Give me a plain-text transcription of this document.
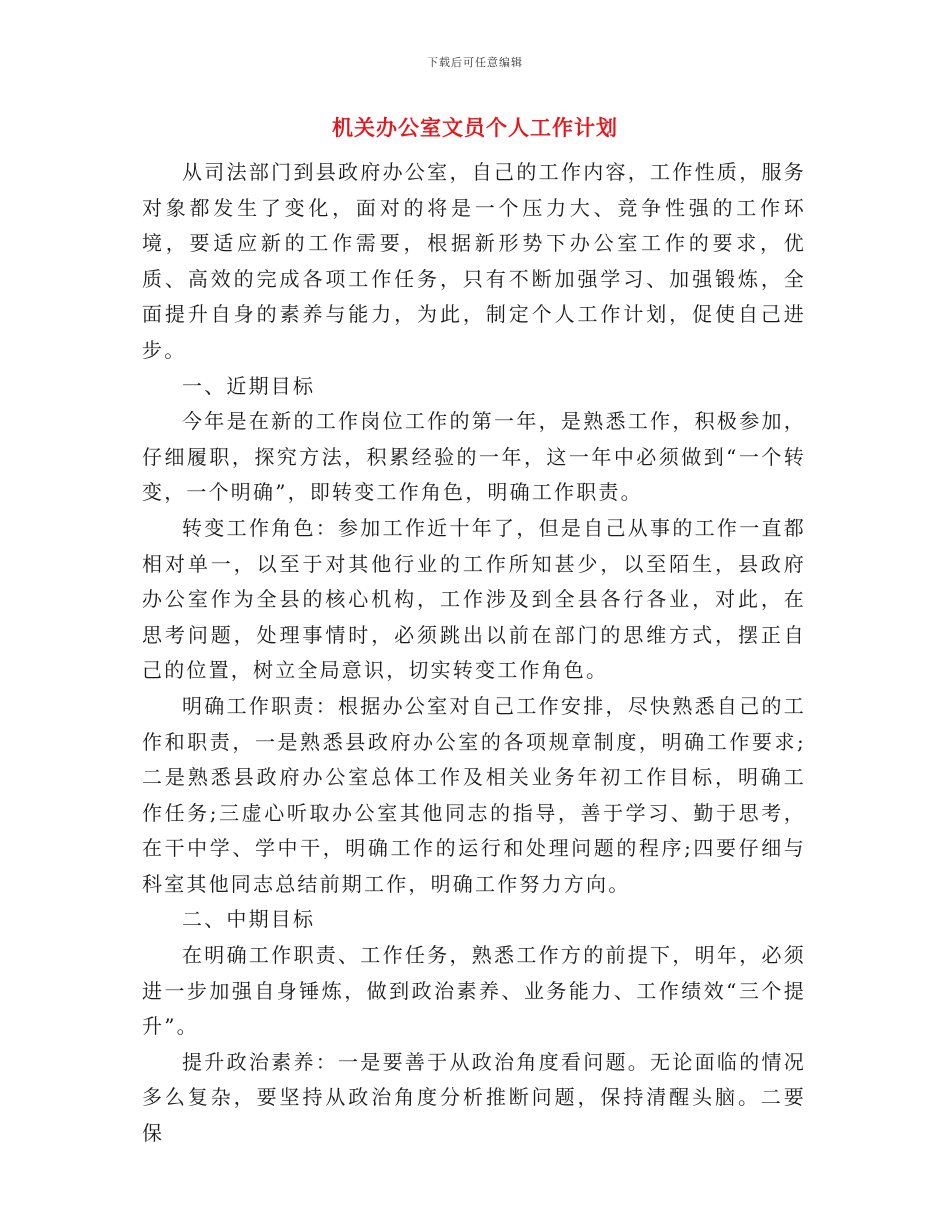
下载后可任意编辑
机关办公室文员个人工作计划

从司法部门到县政府办公室，自己的工作内容，工作性质，服务对象都发生了变化，面对的将是一个压力大、竞争性强的工作环境，要适应新的工作需要，根据新形势下办公室工作的要求，优质、高效的完成各项工作任务，只有不断加强学习、加强锻炼，全面提升自身的素养与能力，为此，制定个人工作计划，促使自己进步。

一、近期目标

今年是在新的工作岗位工作的第一年，是熟悉工作，积极参加，仔细履职，探究方法，积累经验的一年，这一年中必须做到“一个转变，一个明确”，即转变工作角色，明确工作职责。

转变工作角色：参加工作近十年了，但是自己从事的工作一直都相对单一，以至于对其他行业的工作所知甚少，以至陌生，县政府办公室作为全县的核心机构，工作涉及到全县各行各业，对此，在思考问题，处理事情时，必须跳出以前在部门的思维方式，摆正自己的位置，树立全局意识，切实转变工作角色。

明确工作职责：根据办公室对自己工作安排，尽快熟悉自己的工作和职责，一是熟悉县政府办公室的各项规章制度，明确工作要求;二是熟悉县政府办公室总体工作及相关业务年初工作目标，明确工作任务;三虚心听取办公室其他同志的指导，善于学习、勤于思考，在干中学、学中干，明确工作的运行和处理问题的程序;四要仔细与科室其他同志总结前期工作，明确工作努力方向。

二、中期目标

在明确工作职责、工作任务，熟悉工作方的前提下，明年，必须进一步加强自身锤炼，做到政治素养、业务能力、工作绩效“三个提升”。

提升政治素养：一是要善于从政治角度看问题。无论面临的情况多么复杂，要坚持从政治角度分析推断问题，保持清醒头脑。二要保
